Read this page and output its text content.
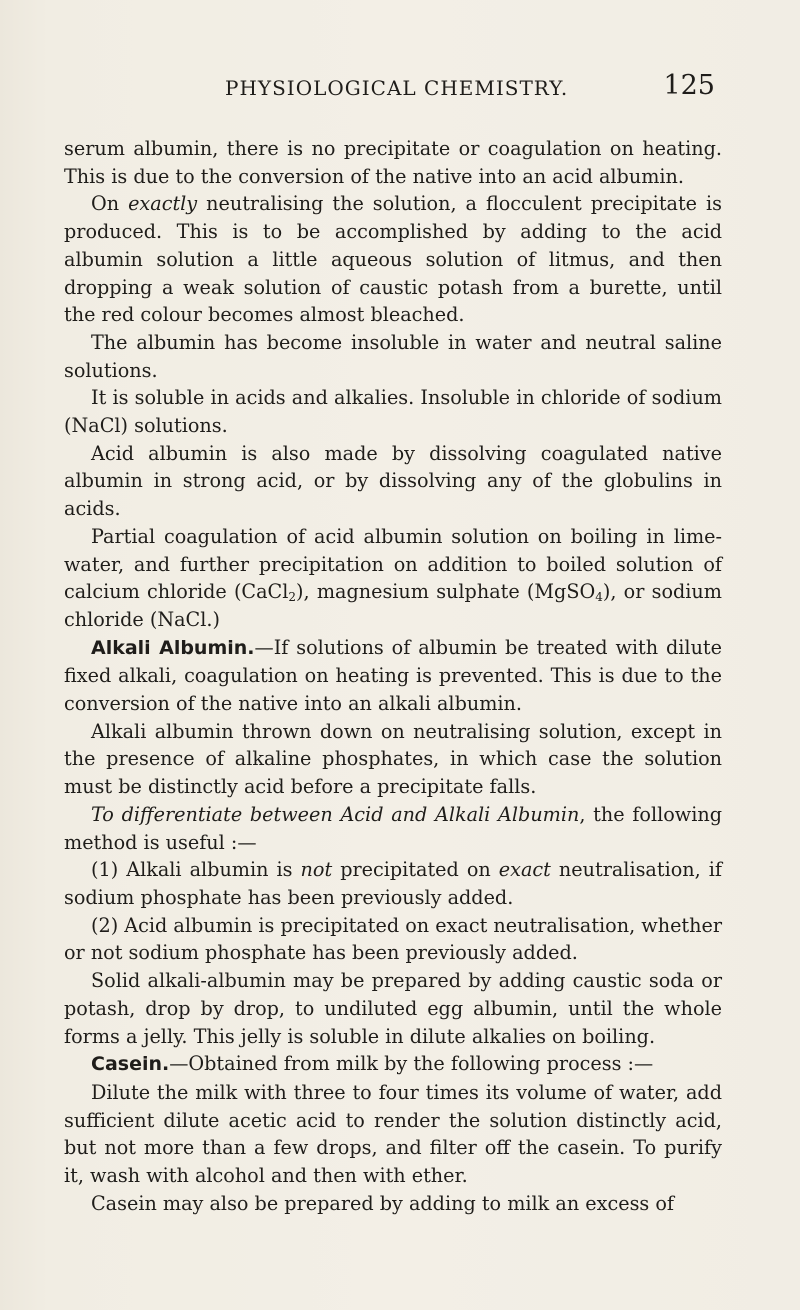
PHYSIOLOGICAL CHEMISTRY.	125

serum albumin, there is no precipitate or coagulation on heating. This is due to the conversion of the native into an acid albumin.

On exactly neutralising the solution, a flocculent precipitate is produced. This is to be accomplished by adding to the acid albumin solution a little aqueous solution of litmus, and then dropping a weak solution of caustic potash from a burette, until the red colour becomes almost bleached.

The albumin has become insoluble in water and neutral saline solutions.

It is soluble in acids and alkalies. Insoluble in chloride of sodium (NaCl) solutions.

Acid albumin is also made by dissolving coagulated native albumin in strong acid, or by dissolving any of the globulins in acids.

Partial coagulation of acid albumin solution on boiling in lime-water, and further precipitation on addition to boiled solution of calcium chloride (CaCl$_2$), magnesium sulphate (MgSO$_4$), or sodium chloride (NaCl.)

Alkali Albumin.—If solutions of albumin be treated with dilute fixed alkali, coagulation on heating is prevented. This is due to the conversion of the native into an alkali albumin.

Alkali albumin thrown down on neutralising solution, except in the presence of alkaline phosphates, in which case the solution must be distinctly acid before a precipitate falls.

To differentiate between Acid and Alkali Albumin, the following method is useful :—

(1) Alkali albumin is not precipitated on exact neutralisation, if sodium phosphate has been previously added.

(2) Acid albumin is precipitated on exact neutralisation, whether or not sodium phosphate has been previously added.

Solid alkali-albumin may be prepared by adding caustic soda or potash, drop by drop, to undiluted egg albumin, until the whole forms a jelly. This jelly is soluble in dilute alkalies on boiling.

Casein.—Obtained from milk by the following process :—

Dilute the milk with three to four times its volume of water, add sufficient dilute acetic acid to render the solution distinctly acid, but not more than a few drops, and filter off the casein. To purify it, wash with alcohol and then with ether.

Casein may also be prepared by adding to milk an excess of
